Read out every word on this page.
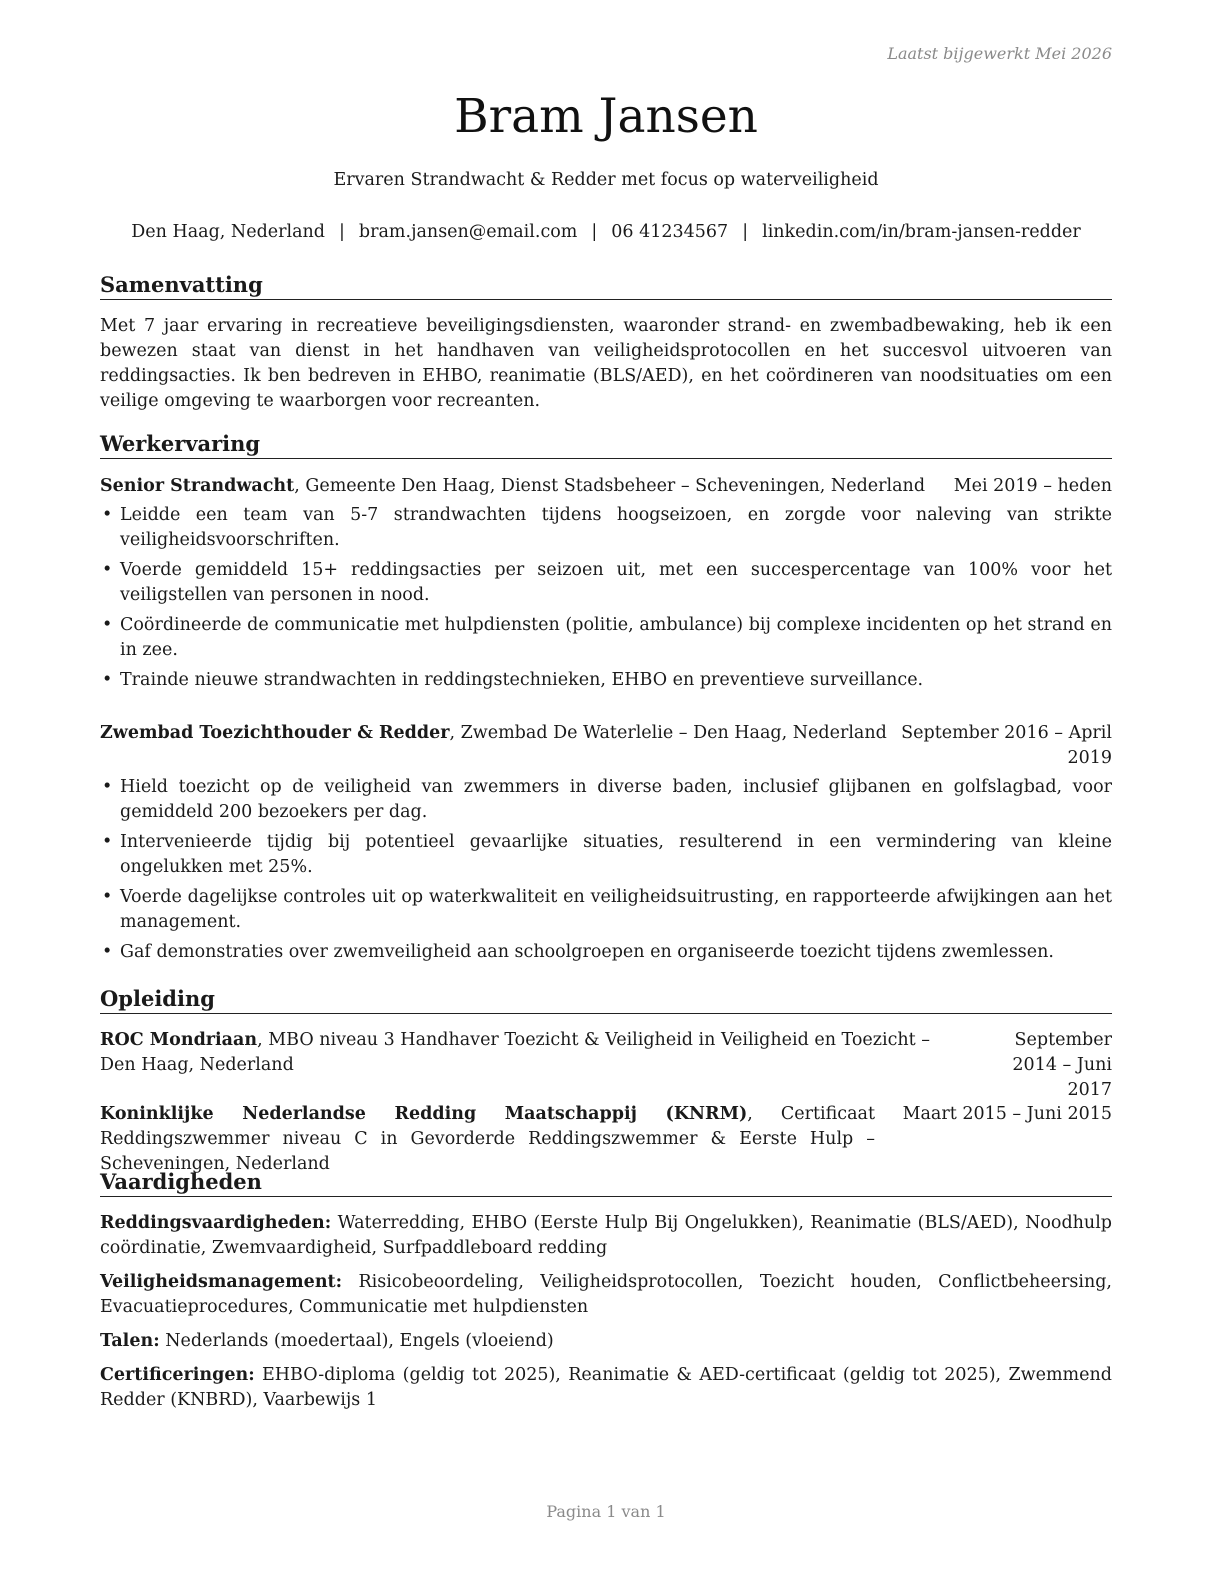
Laatst bijgewerkt Mei 2026
Bram Jansen
Ervaren Strandwacht & Redder met focus op waterveiligheid
Den Haag, Nederland | bram.jansen@email.com | 06 41234567 | linkedin.com/in/bram-jansen-redder
Samenvatting
Met 7 jaar ervaring in recreatieve beveiligingsdiensten, waaronder strand- en zwembadbewaking, heb ik een bewezen staat van dienst in het handhaven van veiligheidsprotocollen en het succesvol uitvoeren van reddingsacties. Ik ben bedreven in EHBO, reanimatie (BLS/AED), en het coördineren van noodsituaties om een veilige omgeving te waarborgen voor recreanten.
Werkervaring
Senior Strandwacht, Gemeente Den Haag, Dienst Stadsbeheer – Scheveningen, Nederland Mei 2019 – heden
• Leidde een team van 5-7 strandwachten tijdens hoogseizoen, en zorgde voor naleving van strikte veiligheidsvoorschriften.
• Voerde gemiddeld 15+ reddingsacties per seizoen uit, met een succespercentage van 100% voor het veiligstellen van personen in nood.
• Coördineerde de communicatie met hulpdiensten (politie, ambulance) bij complexe incidenten op het strand en in zee.
• Trainde nieuwe strandwachten in reddingstechnieken, EHBO en preventieve surveillance.
Zwembad Toezichthouder & Redder, Zwembad De Waterlelie – Den Haag, Nederland September 2016 – April 2019
• Hield toezicht op de veiligheid van zwemmers in diverse baden, inclusief glijbanen en golfslagbad, voor gemiddeld 200 bezoekers per dag.
• Intervenieerde tijdig bij potentieel gevaarlijke situaties, resulterend in een vermindering van kleine ongelukken met 25%.
• Voerde dagelijkse controles uit op waterkwaliteit en veiligheidsuitrusting, en rapporteerde afwijkingen aan het management.
• Gaf demonstraties over zwemveiligheid aan schoolgroepen en organiseerde toezicht tijdens zwemlessen.
Opleiding
ROC Mondriaan, MBO niveau 3 Handhaver Toezicht & Veiligheid in Veiligheid en Toezicht – Den Haag, Nederland
September 2014 – Juni 2017
Koninklijke Nederlandse Redding Maatschappij (KNRM), Certificaat Reddingszwemmer niveau C in Gevorderde Reddingszwemmer & Eerste Hulp – Scheveningen, Nederland
Maart 2015 – Juni 2015
Vaardigheden
Reddingsvaardigheden: Waterredding, EHBO (Eerste Hulp Bij Ongelukken), Reanimatie (BLS/AED), Noodhulp coördinatie, Zwemvaardigheid, Surfpaddleboard redding
Veiligheidsmanagement: Risicobeoordeling, Veiligheidsprotocollen, Toezicht houden, Conflictbeheersing, Evacuatieprocedures, Communicatie met hulpdiensten
Talen: Nederlands (moedertaal), Engels (vloeiend)
Certificeringen: EHBO-diploma (geldig tot 2025), Reanimatie & AED-certificaat (geldig tot 2025), Zwemmend Redder (KNBRD), Vaarbewijs 1
Pagina 1 van 1
